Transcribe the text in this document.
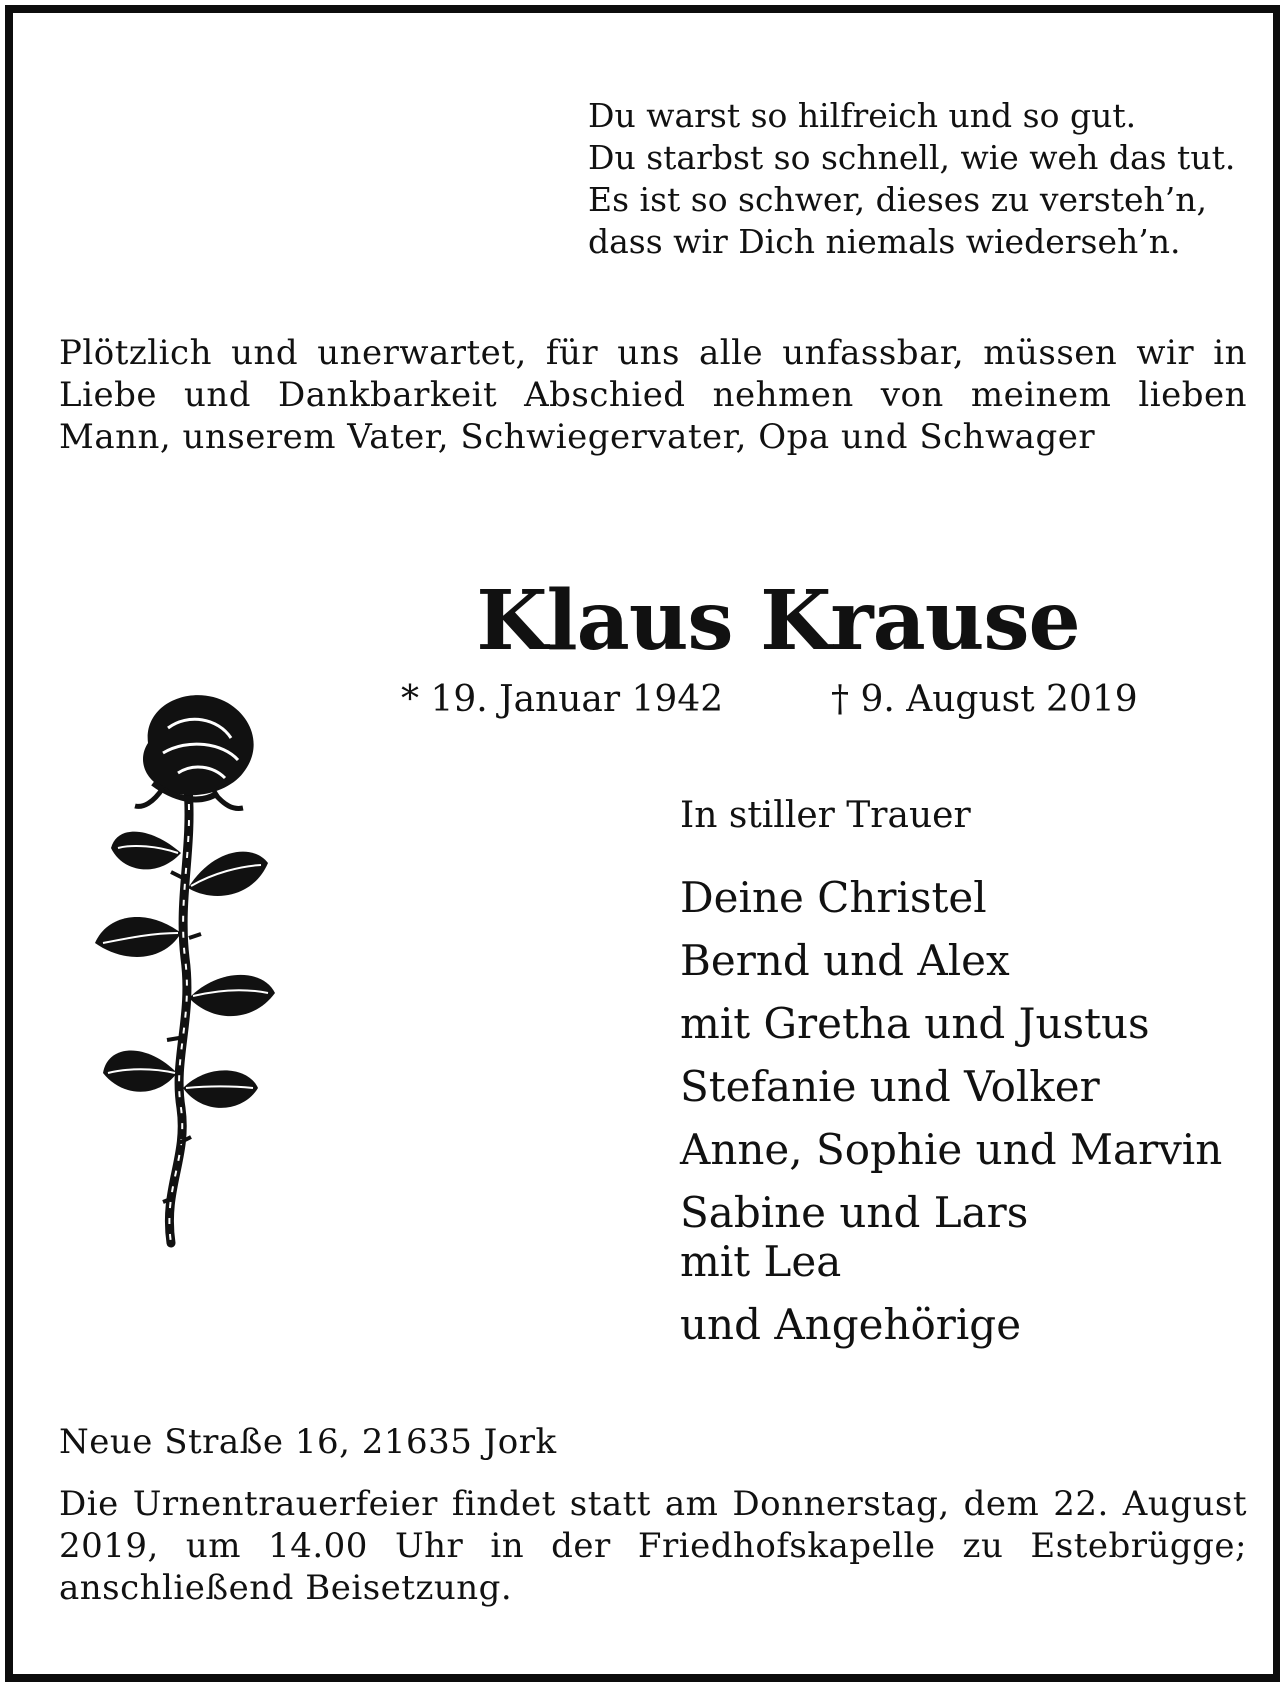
Du warst so hilfreich und so gut.
Du starbst so schnell, wie weh das tut.
Es ist so schwer, dieses zu versteh’n,
dass wir Dich niemals wiederseh’n.
Plötzlich und unerwartet, für uns alle unfassbar, müssen wir in Liebe und Dankbarkeit Abschied nehmen von meinem lieben Mann, unserem Vater, Schwiegervater, Opa und Schwager
Klaus Krause
* 19. Januar 1942	† 9. August 2019
In stiller Trauer
Deine Christel
Bernd und Alex
mit Gretha und Justus
Stefanie und Volker
Anne, Sophie und Marvin
Sabine und Lars
mit Lea
und Angehörige
Neue Straße 16, 21635 Jork
Die Urnentrauerfeier findet statt am Donnerstag, dem 22. August 2019, um 14.00 Uhr in der Friedhofskapelle zu Estebrügge; anschließend Beisetzung.
